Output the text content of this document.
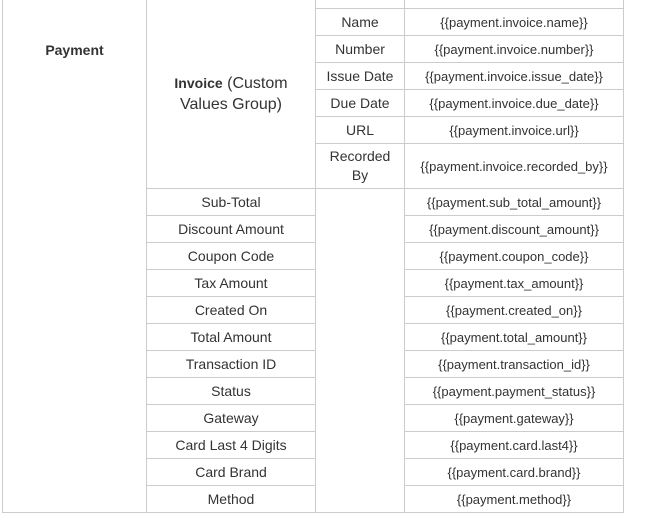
Payment	Invoice (Custom Values Group)		

		Name	{{payment.invoice.name}}
		Number	{{payment.invoice.number}}
		Issue Date	{{payment.invoice.issue_date}}
		Due Date	{{payment.invoice.due_date}}
		URL	{{payment.invoice.url}}
		Recorded By	{{payment.invoice.recorded_by}}
	Sub-Total		{{payment.sub_total_amount}}
	Discount Amount		{{payment.discount_amount}}
	Coupon Code		{{payment.coupon_code}}
	Tax Amount		{{payment.tax_amount}}
	Created On		{{payment.created_on}}
	Total Amount		{{payment.total_amount}}
	Transaction ID		{{payment.transaction_id}}
	Status		{{payment.payment_status}}
	Gateway		{{payment.gateway}}
	Card Last 4 Digits		{{payment.card.last4}}
	Card Brand		{{payment.card.brand}}
	Method		{{payment.method}}
